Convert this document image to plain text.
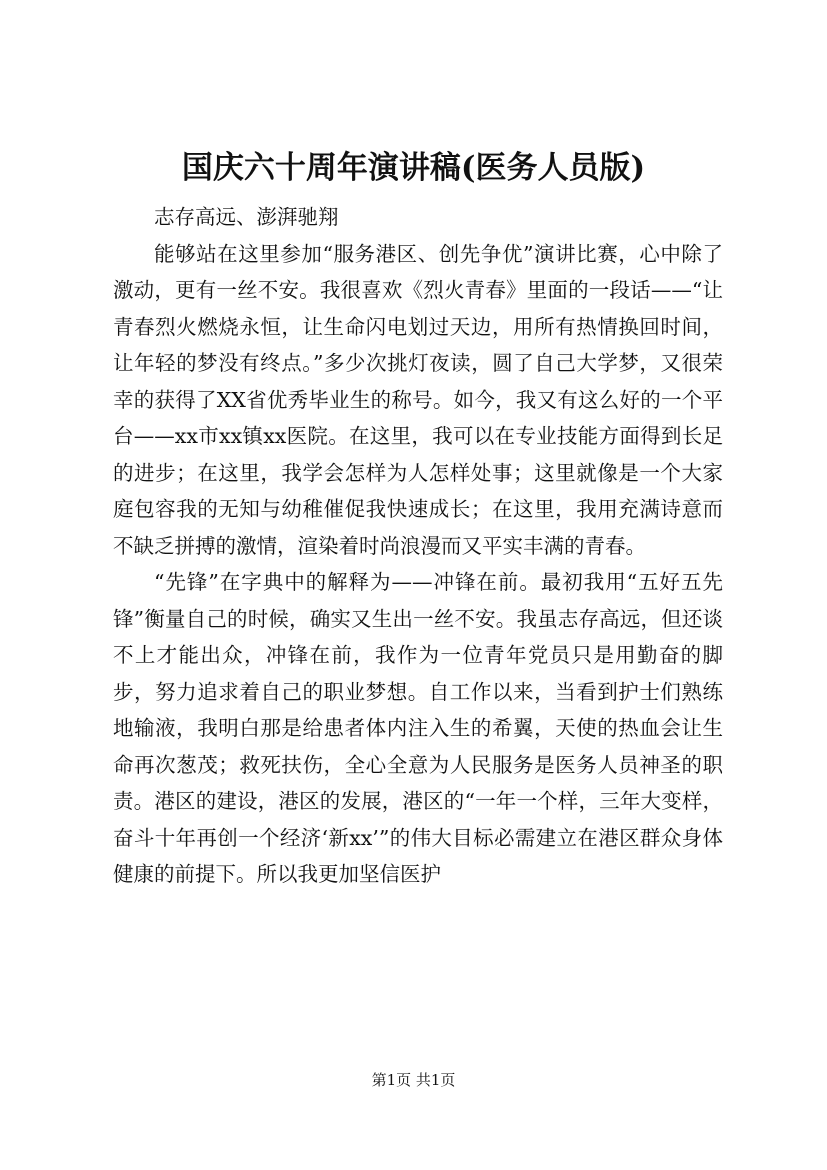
国庆六十周年演讲稿(医务人员版)

志存高远、澎湃驰翔

能够站在这里参加“服务港区、创先争优”演讲比赛，心中除了激动，更有一丝不安。我很喜欢《烈火青春》里面的一段话——“让青春烈火燃烧永恒，让生命闪电划过天边，用所有热情换回时间，让年轻的梦没有终点。”多少次挑灯夜读，圆了自己大学梦，又很荣幸的获得了XX省优秀毕业生的称号。如今，我又有这么好的一个平台——xx市xx镇xx医院。在这里，我可以在专业技能方面得到长足的进步；在这里，我学会怎样为人怎样处事；这里就像是一个大家庭包容我的无知与幼稚催促我快速成长；在这里，我用充满诗意而不缺乏拼搏的激情，渲染着时尚浪漫而又平实丰满的青春。

“先锋”在字典中的解释为——冲锋在前。最初我用“五好五先锋”衡量自己的时候，确实又生出一丝不安。我虽志存高远，但还谈不上才能出众，冲锋在前，我作为一位青年党员只是用勤奋的脚步，努力追求着自己的职业梦想。自工作以来，当看到护士们熟练地输液，我明白那是给患者体内注入生的希翼，天使的热血会让生命再次葱茂；救死扶伤，全心全意为人民服务是医务人员神圣的职责。港区的建设，港区的发展，港区的“一年一个样，三年大变样，奋斗十年再创一个经济‘新xx’”的伟大目标必需建立在港区群众身体健康的前提下。所以我更加坚信医护

第1页 共1页
